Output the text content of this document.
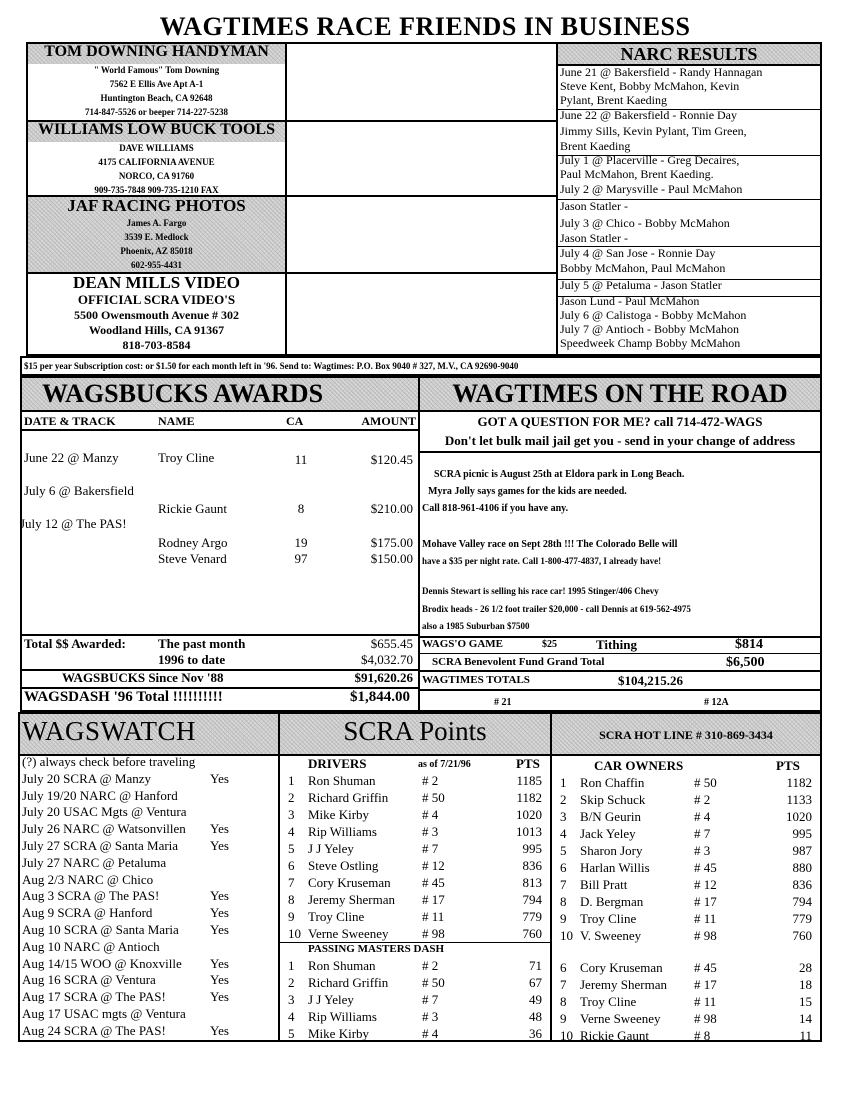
WAGTIMES RACE FRIENDS IN BUSINESS
TOM DOWNING HANDYMAN
" World Famous" Tom Downing
7562 E Ellis Ave Apt A-1
Huntington Beach, CA 92648
714-847-5526 or beeper 714-227-5238
WILLIAMS LOW BUCK TOOLS
DAVE WILLIAMS
4175 CALIFORNIA AVENUE
NORCO, CA 91760
909-735-7848 909-735-1210 FAX
JAF RACING PHOTOS
James A. Fargo
3539 E. Medlock
Phoenix, AZ 85018
602-955-4431
DEAN MILLS VIDEO
OFFICIAL SCRA VIDEO'S
5500 Owensmouth Avenue # 302
Woodland Hills, CA 91367
818-703-8584
NARC RESULTS
June 21 @ Bakersfield - Randy Hannagan
Steve Kent, Bobby McMahon, Kevin
Pylant, Brent Kaeding
June 22 @ Bakersfield - Ronnie Day
Jimmy Sills, Kevin Pylant, Tim Green,
Brent Kaeding
July 1 @ Placerville - Greg Decaires,
Paul McMahon, Brent Kaeding.
July 2 @ Marysville - Paul McMahon
Jason Statler -
July 3 @ Chico - Bobby McMahon
Jason Statler -
July 4 @ San Jose - Ronnie Day
Bobby McMahon, Paul McMahon
July 5 @ Petaluma - Jason Statler
Jason Lund - Paul McMahon
July 6 @ Calistoga - Bobby McMahon
July 7 @ Antioch - Bobby McMahon
Speedweek Champ Bobby McMahon
$15 per year Subscription cost: or $1.50 for each month left in '96. Send to: Wagtimes: P.O. Box 9040 # 327, M.V., CA 92690-9040
WAGSBUCKS AWARDS
DATE & TRACK	NAME	CA	AMOUNT
June 22 @ Manzy	Troy Cline	11	$120.45
July 6 @ Bakersfield
Rickie Gaunt	8	$210.00
July 12 @ The PAS!
Rodney Argo	19	$175.00
Steve Venard	97	$150.00
Total $$ Awarded: The past month	$655.45
1996 to date	$4,032.70
WAGSBUCKS Since Nov '88	$91,620.26
WAGSDASH '96 Total !!!!!!!!!!	$1,844.00
WAGTIMES ON THE ROAD
GOT A QUESTION FOR ME? call 714-472-WAGS
Don't let bulk mail jail get you - send in your change of address
SCRA picnic is August 25th at Eldora park in Long Beach.
Myra Jolly says games for the kids are needed.
Call 818-961-4106 if you have any.
Mohave Valley race on Sept 28th !!! The Colorado Belle will
have a $35 per night rate. Call 1-800-477-4837, I already have!
Dennis Stewart is selling his race car! 1995 Stinger/406 Chevy
Brodix heads - 26 1/2 foot trailer $20,000 - call Dennis at 619-562-4975
also a 1985 Suburban $7500
WAGS'O GAME	$25	Tithing	$814
SCRA Benevolent Fund Grand Total	$6,500
WAGTIMES TOTALS	$104,215.26
# 21	# 12A
WAGSWATCH	SCRA Points	SCRA HOT LINE # 310-869-3434
(?) always check before traveling
July 20 SCRA @ Manzy	Yes
July 19/20 NARC @ Hanford
July 20 USAC Mgts @ Ventura
July 26 NARC @ Watsonvillen Yes
July 27 SCRA @ Santa Maria Yes
July 27 NARC @ Petaluma
Aug 2/3 NARC @ Chico
Aug 3 SCRA @ The PAS!	Yes
Aug 9 SCRA @ Hanford	Yes
Aug 10 SCRA @ Santa Maria Yes
Aug 10 NARC @ Antioch
Aug 14/15 WOO @ Knoxville Yes
Aug 16 SCRA @ Ventura	Yes
Aug 17 SCRA @ The PAS!	Yes
Aug 17 USAC mgts @ Ventura
Aug 24 SCRA @ The PAS!	Yes
DRIVERS	as of 7/21/96	PTS
1 Ron Shuman	# 2	1185
2 Richard Griffin	# 50	1182
3 Mike Kirby	# 4	1020
4 Rip Williams	# 3	1013
5 J J Yeley	# 7	995
6 Steve Ostling	# 12	836
7 Cory Kruseman # 45	813
8 Jeremy Sherman # 17	794
9 Troy Cline	# 11	779
10 Verne Sweeney	# 98	760
PASSING MASTERS DASH
1 Ron Shuman	# 2	71
2 Richard Griffin	# 50	67
3 J J Yeley	# 7	49
4 Rip Williams	# 3	48
5 Mike Kirby	# 4	36
CAR OWNERS	PTS
1 Ron Chaffin	# 50	1182
2 Skip Schuck	# 2	1133
3 B/N Geurin	# 4	1020
4 Jack Yeley	# 7	995
5 Sharon Jory	# 3	987
6 Harlan Willis	# 45	880
7 Bill Pratt	# 12	836
8 D. Bergman	# 17	794
9 Troy Cline	# 11	779
10 V. Sweeney	# 98	760
6 Cory Kruseman # 45	28
7 Jeremy Sherman # 17	18
8 Troy Cline	# 11	15
9 Verne Sweeney	# 98	14
10 Rickie Gaunt	# 8	11
